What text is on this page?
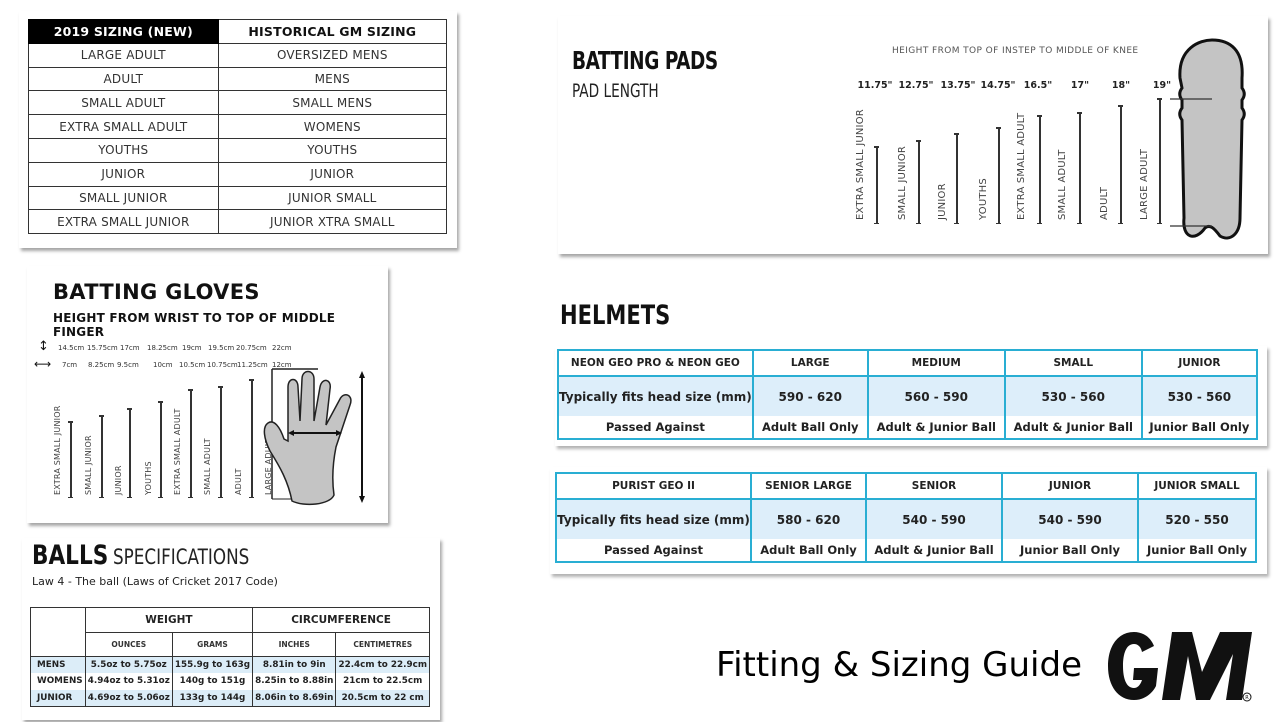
2019 SIZING (NEW)	HISTORICAL GM SIZING
LARGE ADULT	OVERSIZED MENS
ADULT	MENS
SMALL ADULT	SMALL MENS
EXTRA SMALL ADULT	WOMENS
YOUTHS	YOUTHS
JUNIOR	JUNIOR
SMALL JUNIOR	JUNIOR SMALL
EXTRA SMALL JUNIOR	JUNIOR XTRA SMALL
BATTING PADS
PAD LENGTH
HEIGHT FROM TOP OF INSTEP TO MIDDLE OF KNEE
11.75" 12.75" 13.75" 14.75" 16.5"	17"	18"	19"
EXTRA SMALL JUNIOR	SMALL JUNIOR	JUNIOR	YOUTHS	EXTRA SMALL ADULT	SMALL ADULT	ADULT	LARGE ADULT
BATTING GLOVES
HEIGHT FROM WRIST TO TOP OF MIDDLE FINGER
↕
⟷
14.5cm 15.75cm 17cm 18.25cm 19cm 19.5cm 20.75cm 22cm
7cm 8.25cm 9.5cm 10cm 10.5cm 10.75cm 11.25cm 12cm
EXTRA SMALL JUNIOR	SMALL JUNIOR	JUNIOR	YOUTHS	EXTRA SMALL ADULT	SMALL ADULT	ADULT	LARGE ADULT
BALLS SPECIFICATIONS
Law 4 - The ball (Laws of Cricket 2017 Code)
	WEIGHT		CIRCUMFERENCE	
	OUNCES	GRAMS	INCHES	CENTIMETRES
MENS	5.5oz to 5.75oz	155.9g to 163g	8.81in to 9in	22.4cm to 22.9cm
WOMENS	4.94oz to 5.31oz	140g to 151g	8.25in to 8.88in	21cm to 22.5cm
JUNIOR	4.69oz to 5.06oz	133g to 144g	8.06in to 8.69in	20.5cm to 22 cm
HELMETS
NEON GEO PRO & NEON GEO	LARGE	MEDIUM	SMALL	JUNIOR
Typically fits head size (mm)	590 - 620	560 - 590	530 - 560	530 - 560
Passed Against	Adult Ball Only	Adult & Junior Ball	Adult & Junior Ball	Junior Ball Only
PURIST GEO II	SENIOR LARGE	SENIOR	JUNIOR	JUNIOR SMALL
Typically fits head size (mm)	580 - 620	540 - 590	540 - 590	520 - 550
Passed Against	Adult Ball Only	Adult & Junior Ball	Junior Ball Only	Junior Ball Only
Fitting & Sizing Guide
R
